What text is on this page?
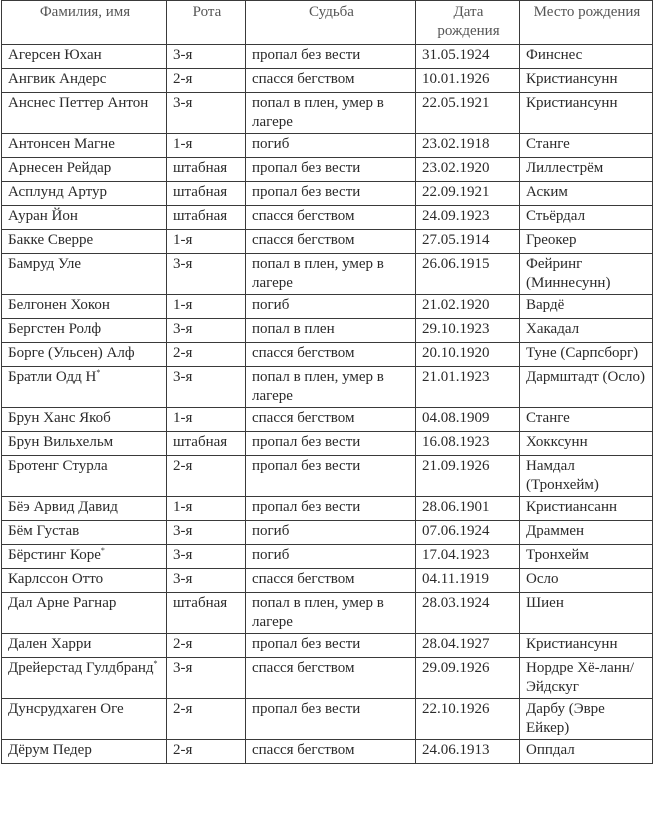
Фамилия, имя	Рота	Судьба	Дата рождения	Место рождения
Агерсен Юхан	3-я	пропал без вести	31.05.1924	Финснес
Ангвик Андерс	2-я	спасся бегством	10.01.1926	Кристиансунн
Анснес Петтер Антон	3-я	попал в плен, умер в лагере	22.05.1921	Кристиансунн
Антонсен Магне	1-я	погиб	23.02.1918	Станге
Арнесен Рейдар	штабная	пропал без вести	23.02.1920	Лиллестрём
Асплунд Артур	штабная	пропал без вести	22.09.1921	Аским
Ауран Йон	штабная	спасся бегством	24.09.1923	Стьёрдал
Бакке Сверре	1-я	спасся бегством	27.05.1914	Греокер
Бамруд Уле	3-я	попал в плен, умер в лагере	26.06.1915	Фейринг (Миннесунн)
Белгонен Хокон	1-я	погиб	21.02.1920	Вардё
Бергстен Ролф	3-я	попал в плен	29.10.1923	Хакадал
Борге (Ульсен) Алф	2-я	спасся бегством	20.10.1920	Туне (Сарпсборг)
Братли Одд Н*	3-я	попал в плен, умер в лагере	21.01.1923	Дармштадт (Осло)
Брун Ханс Якоб	1-я	спасся бегством	04.08.1909	Станге
Брун Вильхельм	штабная	пропал без вести	16.08.1923	Хокксунн
Бротенг Стурла	2-я	пропал без вести	21.09.1926	Намдал (Тронхейм)
Бёэ Арвид Давид	1-я	пропал без вести	28.06.1901	Кристиансанн
Бём Густав	3-я	погиб	07.06.1924	Драммен
Бёрстинг Коре*	3-я	погиб	17.04.1923	Тронхейм
Карлссон Отто	3-я	спасся бегством	04.11.1919	Осло
Дал Арне Рагнар	штабная	попал в плен, умер в лагере	28.03.1924	Шиен
Дален Харри	2-я	пропал без вести	28.04.1927	Кристиансунн
Дрейерстад Гулдбранд*	3-я	спасся бегством	29.09.1926	Нордре Хё-ланн/ Эйдскуг
Дунсрудхаген Оге	2-я	пропал без вести	22.10.1926	Дарбу (Эвре Ейкер)
Дёрум Педер	2-я	спасся бегством	24.06.1913	Оппдал
